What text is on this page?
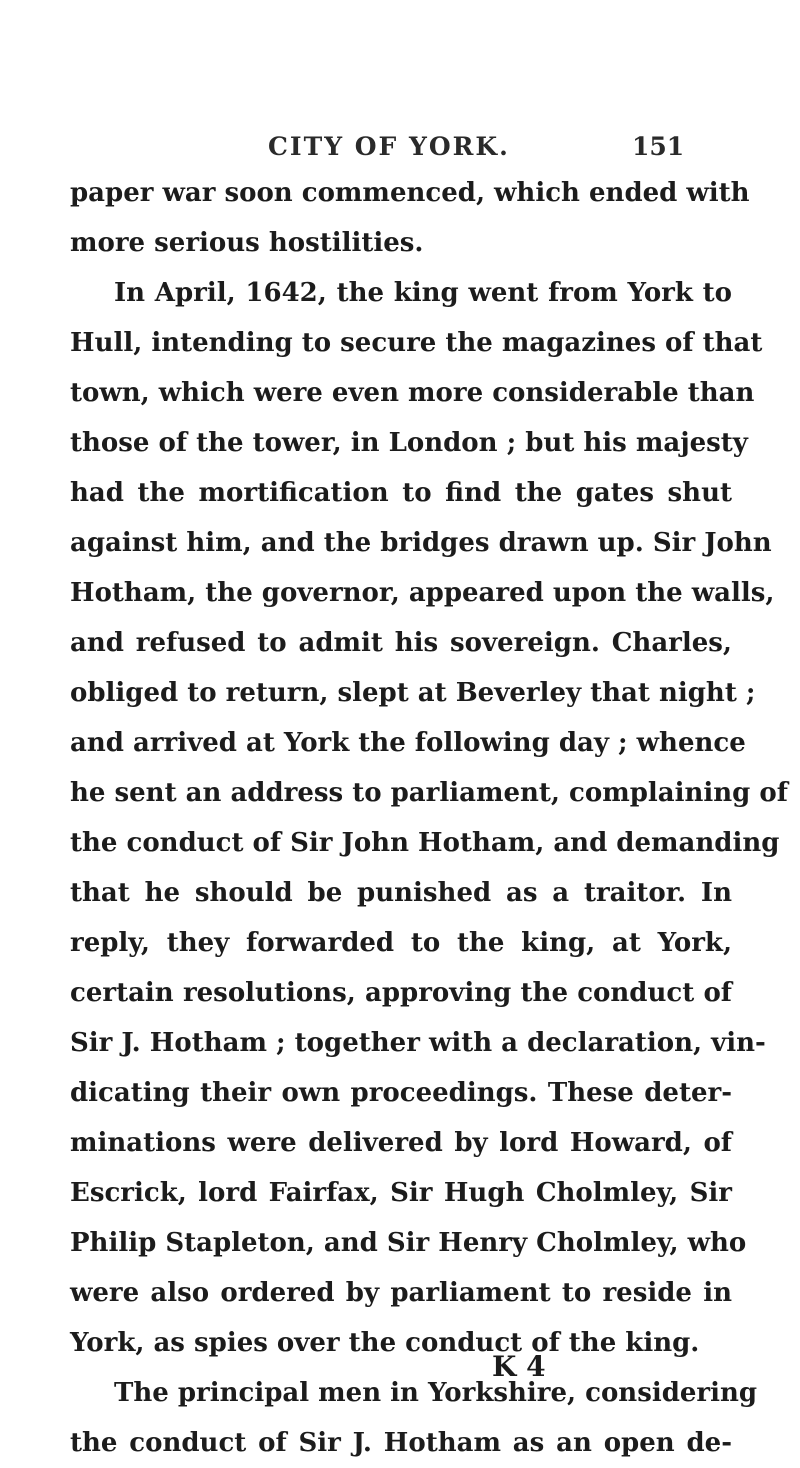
CITY OF YORK.	151
paper war soon commenced, which ended with
more serious hostilities.
In April, 1642, the king went from York to
Hull, intending to secure the magazines of that
town, which were even more considerable than
those of the tower, in London ; but his majesty
had the mortification to find the gates shut
against him, and the bridges drawn up. Sir John
Hotham, the governor, appeared upon the walls,
and refused to admit his sovereign. Charles,
obliged to return, slept at Beverley that night ;
and arrived at York the following day ; whence
he sent an address to parliament, complaining of
the conduct of Sir John Hotham, and demanding
that he should be punished as a traitor. In
reply, they forwarded to the king, at York,
certain resolutions, approving the conduct of
Sir J. Hotham ; together with a declaration, vin-
dicating their own proceedings. These deter-
minations were delivered by lord Howard, of
Escrick, lord Fairfax, Sir Hugh Cholmley, Sir
Philip Stapleton, and Sir Henry Cholmley, who
were also ordered by parliament to reside in
York, as spies over the conduct of the king.
The principal men in Yorkshire, considering
the conduct of Sir J. Hotham as an open de-
K 4
